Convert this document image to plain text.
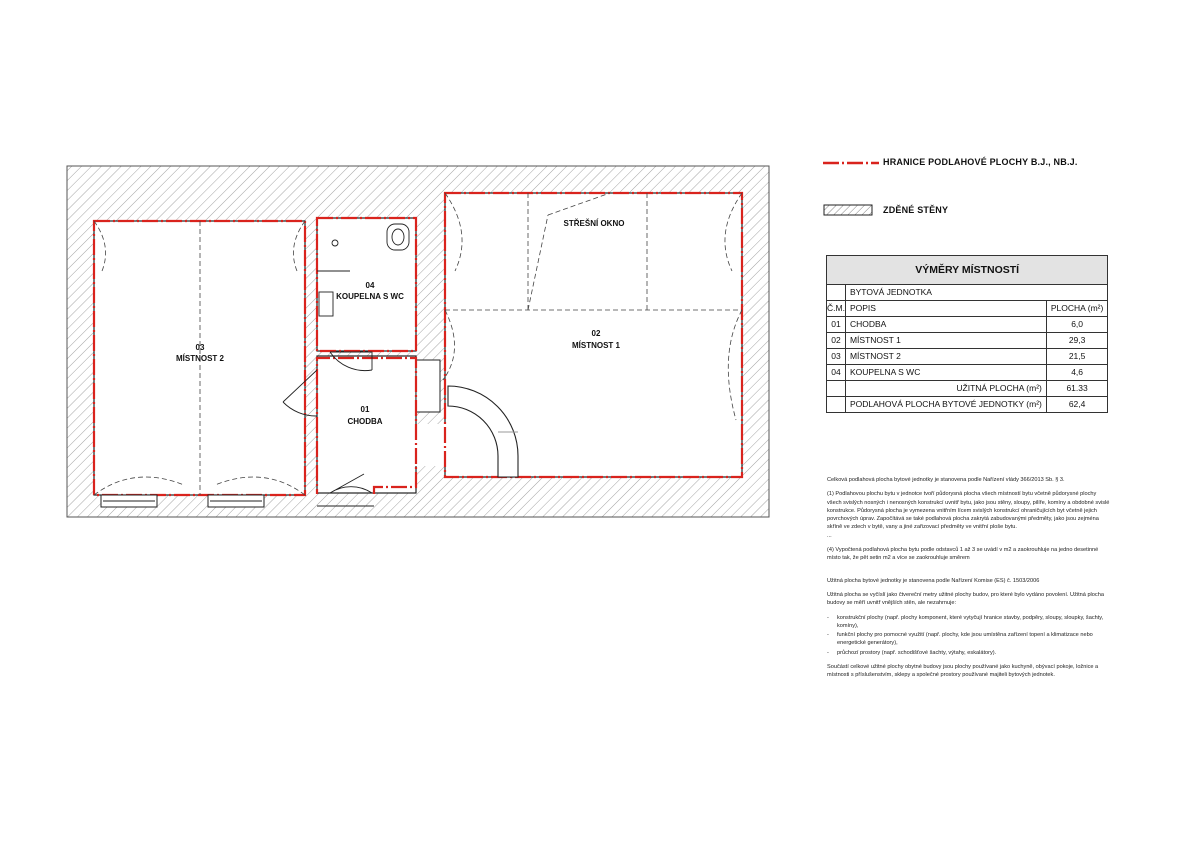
03
MÍSTNOST 2
04
KOUPELNA S WC
02
MÍSTNOST 1
01
CHODBA
STŘEŠNÍ OKNO
HRANICE PODLAHOVÉ PLOCHY B.J., NB.J.
ZDĚNÉ STĚNY
VÝMĚRY MÍSTNOSTÍ		
	BYTOVÁ JEDNOTKA	
Č.M.	POPIS	PLOCHA (m²)
01	CHODBA	6,0
02	MÍSTNOST 1	29,3
03	MÍSTNOST 2	21,5
04	KOUPELNA S WC	4,6
	UŽITNÁ PLOCHA (m²)	61.33
	PODLAHOVÁ PLOCHA BYTOVÉ JEDNOTKY (m²)	62,4

Celková podlahová plocha bytové jednotky je stanovena podle Nařízení vlády 366/2013 Sb. § 3.

(1) Podlahovou plochu bytu v jednotce tvoří půdorysná plocha všech místností bytu včetně půdorysné plochy všech svislých nosných i nenosných konstrukcí uvnitř bytu, jako jsou stěny, sloupy, pilíře, komíny a obdobné svislé konstrukce. Půdorysná plocha je vymezena vnitřním lícem svislých konstrukcí ohraničujících byt včetně jejich povrchových úprav. Započítává se také podlahová plocha zakrytá zabudovanými předměty, jako jsou zejména skříně ve zdech v bytě, vany a jiné zařizovací předměty ve vnitřní ploše bytu.

...

(4) Vypočtená podlahová plocha bytu podle odstavců 1 až 3 se uvádí v m2 a zaokrouhluje na jedno desetinné místo tak, že pět setin m2 a více se zaokrouhluje směrem

Užitná plocha bytové jednotky je stanovena podle Nařízení Komise (ES) č. 1503/2006

Užitná plocha se vyčíslí jako čtvereční metry užitné plochy budov, pro které bylo vydáno povolení. Užitná plocha budovy se měří uvnitř vnějších stěn, ale nezahrnuje:

- konstrukční plochy (např. plochy komponent, které vytyčují hranice stavby, podpěry, sloupy, sloupky, šachty, komíny),
- funkční plochy pro pomocné využití (např. plochy, kde jsou umístěna zařízení topení a klimatizace nebo energetické generátory),
- průchozí prostory (např. schodišťové šachty, výtahy, eskalátory).

Součástí celkové užitné plochy obytné budovy jsou plochy používané jako kuchyně, obývací pokoje, ložnice a místnosti s příslušenstvím, sklepy a společné prostory používané majiteli bytových jednotek.
